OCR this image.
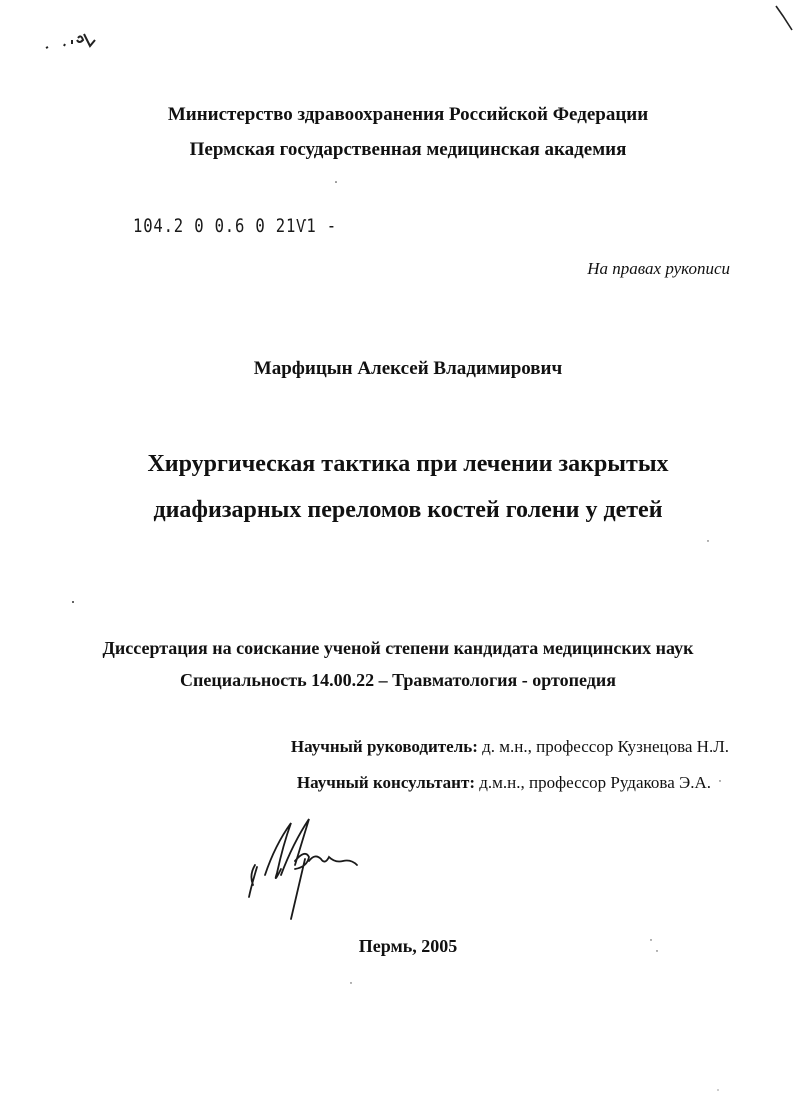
Министерство здравоохранения Российской Федерации
Пермская государственная медицинская академия
104.2 0 0.6 0 21Ѵ1 -
На правах рукописи
Марфицын Алексей Владимирович
Хирургическая тактика при лечении закрытых
диафизарных переломов костей голени у детей
Диссертация на соискание ученой степени кандидата медицинских наук
Специальность 14.00.22 – Травматология - ортопедия
Научный руководитель: д. м.н., профессор Кузнецова Н.Л.
Научный консультант: д.м.н., профессор Рудакова Э.А.
Пермь, 2005
